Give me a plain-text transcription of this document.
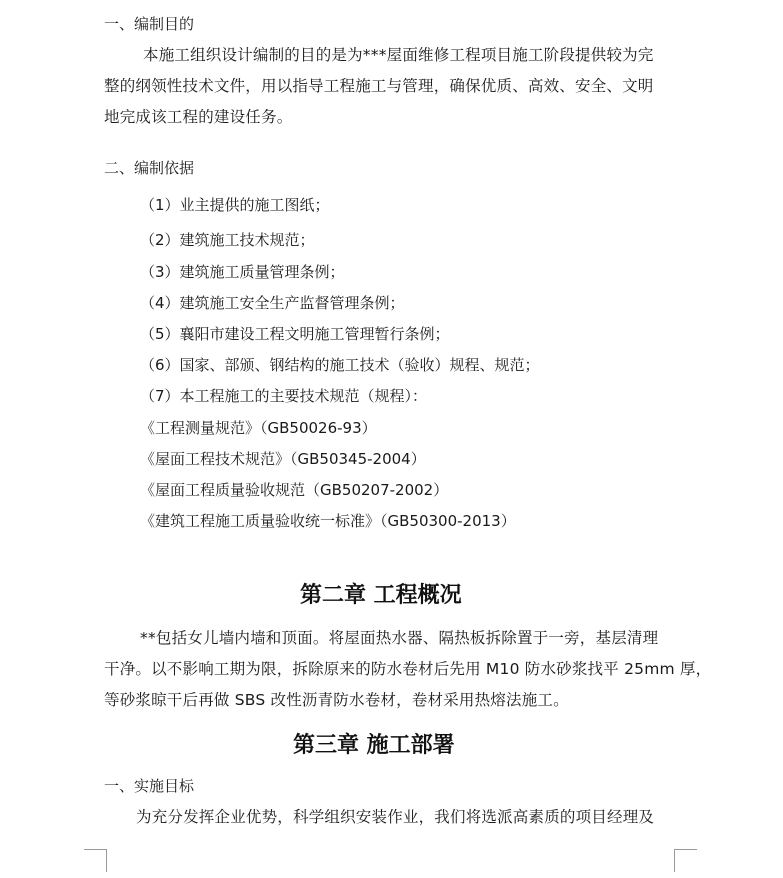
一、编制目的
本施工组织设计编制的目的是为***屋面维修工程项目施工阶段提供较为完
整的纲领性技术文件，用以指导工程施工与管理，确保优质、高效、安全、文明
地完成该工程的建设任务。
二、编制依据
（1）业主提供的施工图纸；
（2）建筑施工技术规范；
（3）建筑施工质量管理条例；
（4）建筑施工安全生产监督管理条例；
（5）襄阳市建设工程文明施工管理暂行条例；
（6）国家、部颁、钢结构的施工技术（验收）规程、规范；
（7）本工程施工的主要技术规范（规程）：
《工程测量规范》（GB50026-93）
《屋面工程技术规范》（GB50345-2004）
《屋面工程质量验收规范（GB50207-2002）
《建筑工程施工质量验收统一标准》（GB50300-2013）
第二章 工程概况
**包括女儿墙内墙和顶面。将屋面热水器、隔热板拆除置于一旁，基层清理
干净。以不影响工期为限，拆除原来的防水卷材后先用 M10 防水砂浆找平 25mm 厚，
等砂浆晾干后再做 SBS 改性沥青防水卷材，卷材采用热熔法施工。
第三章 施工部署
一、实施目标
为充分发挥企业优势，科学组织安装作业，我们将选派高素质的项目经理及
